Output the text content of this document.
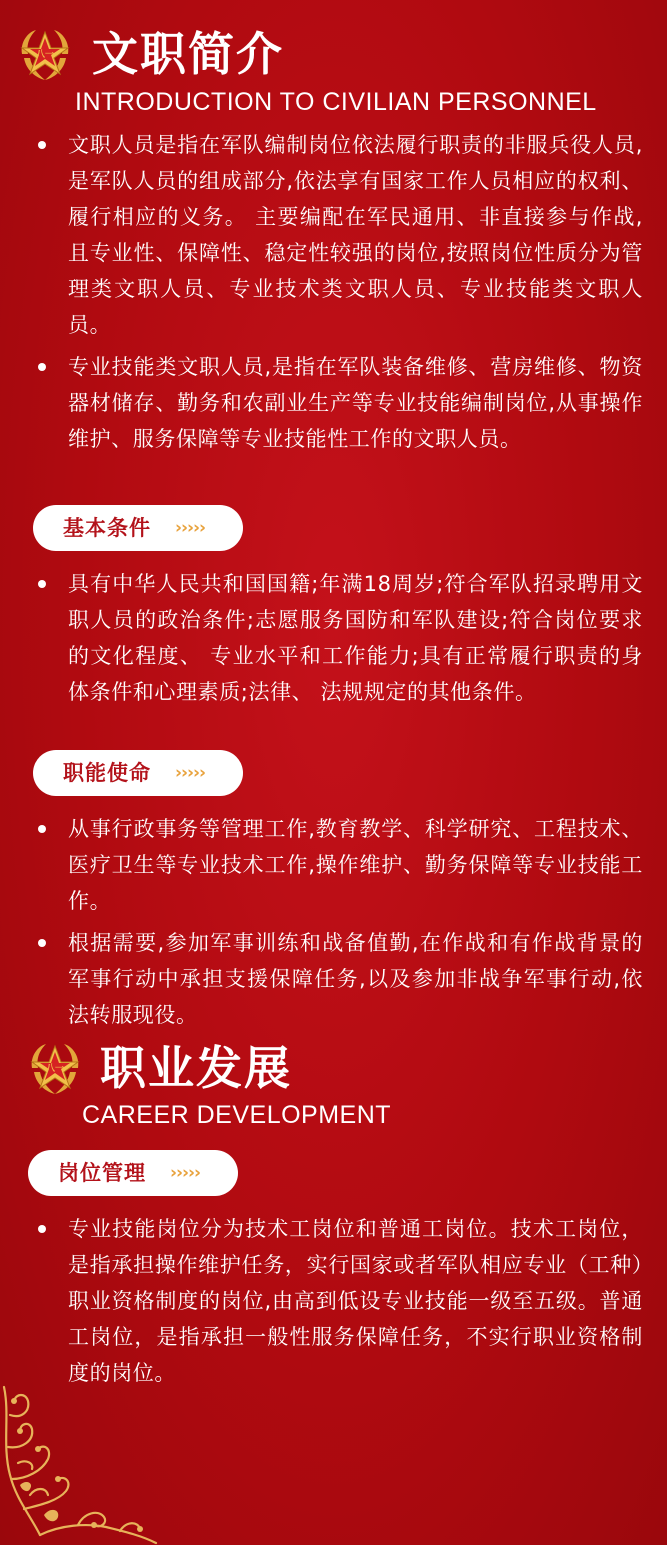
八一 文职简介
INTRODUCTION TO CIVILIAN PERSONNEL
文职人员是指在军队编制岗位依法履行职责的非服兵役人员,是军队人员的组成部分,依法享有国家工作人员相应的权利、履行相应的义务。 主要编配在军民通用、非直接参与作战,且专业性、保障性、稳定性较强的岗位,按照岗位性质分为管理类文职人员、专业技术类文职人员、专业技能类文职人员。
专业技能类文职人员,是指在军队装备维修、营房维修、物资器材储存、勤务和农副业生产等专业技能编制岗位,从事操作维护、服务保障等专业技能性工作的文职人员。
基本条件 ›››››
具有中华人民共和国国籍;年满18周岁;符合军队招录聘用文职人员的政治条件;志愿服务国防和军队建设;符合岗位要求的文化程度、 专业水平和工作能力;具有正常履行职责的身体条件和心理素质;法律、 法规规定的其他条件。
职能使命 ›››››
从事行政事务等管理工作,教育教学、科学研究、工程技术、医疗卫生等专业技术工作,操作维护、勤务保障等专业技能工作。
根据需要,参加军事训练和战备值勤,在作战和有作战背景的军事行动中承担支援保障任务,以及参加非战争军事行动,依法转服现役。
八一 职业发展
CAREER DEVELOPMENT
岗位管理 ›››››
专业技能岗位分为技术工岗位和普通工岗位。技术工岗位，是指承担操作维护任务，实行国家或者军队相应专业（工种）职业资格制度的岗位,由高到低设专业技能一级至五级。普通工岗位，是指承担一般性服务保障任务，不实行职业资格制度的岗位。
